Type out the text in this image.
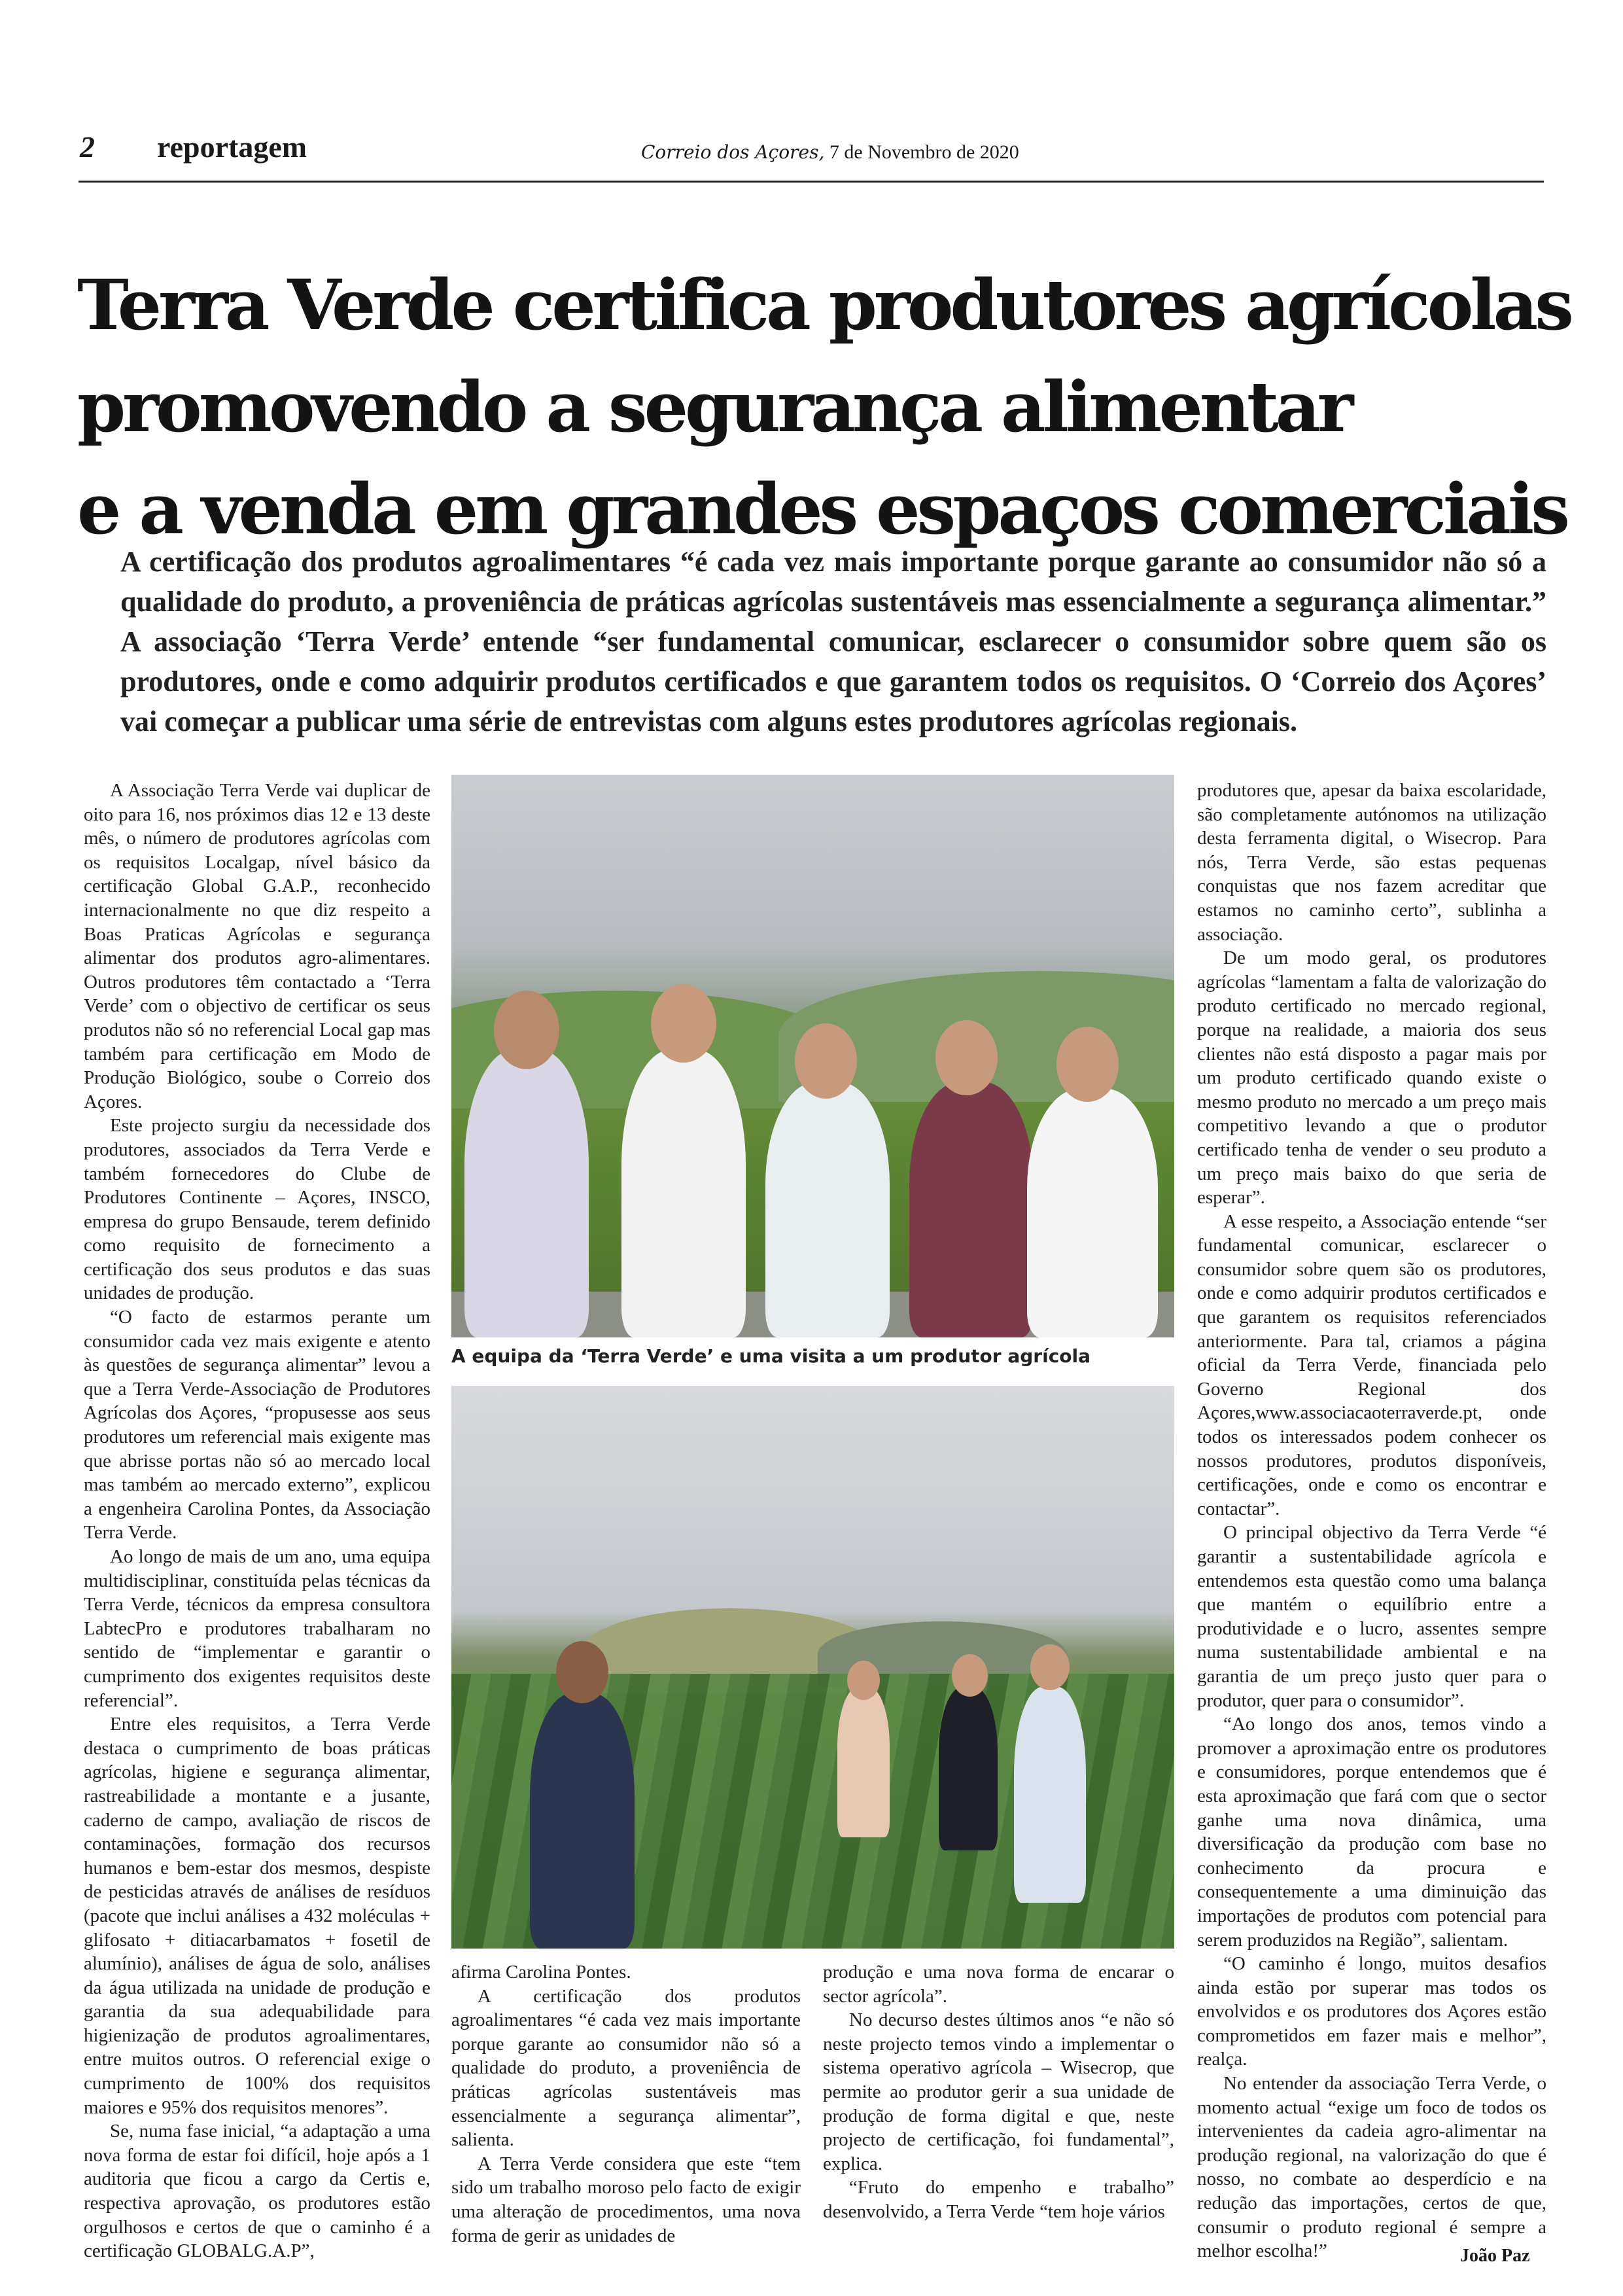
2 reportagem	Correio dos Açores, 7 de Novembro de 2020
Terra Verde certifica produtores agrícolas
promovendo a segurança alimentar
e a venda em grandes espaços comerciais
A certificação dos produtos agroalimentares “é cada vez mais importante porque garante ao consumidor não só a qualidade do produto, a proveniência de práticas agrícolas sustentáveis mas essencialmente a segurança alimentar.” A associação ‘Terra Verde’ entende “ser fundamental comunicar, esclarecer o consumidor sobre quem são os produtores, onde e como adquirir produtos certificados e que garantem todos os requisitos. O ‘Correio dos Açores’ vai começar a publicar uma série de entrevistas com alguns estes produtores agrícolas regionais.

A Associação Terra Verde vai duplicar de oito para 16, nos próximos dias 12 e 13 deste mês, o número de produtores agrícolas com os requisitos Localgap, nível básico da certificação Global G.A.P., reconhecido internacionalmente no que diz respeito a Boas Praticas Agrícolas e segurança alimentar dos produtos agro-alimentares. Outros produtores têm contactado a ‘Terra Verde’ com o objectivo de certificar os seus produtos não só no referencial Local gap mas também para certificação em Modo de Produção Biológico, soube o Correio dos Açores.

Este projecto surgiu da necessidade dos produtores, associados da Terra Verde e também fornecedores do Clube de Produtores Continente – Açores, INSCO, empresa do grupo Bensaude, terem definido como requisito de fornecimento a certificação dos seus produtos e das suas unidades de produção.

“O facto de estarmos perante um consumidor cada vez mais exigente e atento às questões de segurança alimentar” levou a que a Terra Verde-Associação de Produtores Agrícolas dos Açores, “propusesse aos seus produtores um referencial mais exigente mas que abrisse portas não só ao mercado local mas também ao mercado externo”, explicou a engenheira Carolina Pontes, da Associação Terra Verde.

Ao longo de mais de um ano, uma equipa multidisciplinar, constituída pelas técnicas da Terra Verde, técnicos da empresa consultora LabtecPro e produtores trabalharam no sentido de “implementar e garantir o cumprimento dos exigentes requisitos deste referencial”.

Entre eles requisitos, a Terra Verde destaca o cumprimento de boas práticas agrícolas, higiene e segurança alimentar, rastreabilidade a montante e a jusante, caderno de campo, avaliação de riscos de contaminações, formação dos recursos humanos e bem-estar dos mesmos, despiste de pesticidas através de análises de resíduos (pacote que inclui análises a 432 moléculas + glifosato + ditiacarbamatos + fosetil de alumínio), análises de água de solo, análises da água utilizada na unidade de produção e garantia da sua adequabilidade para higienização de produtos agroalimentares, entre muitos outros. O referencial exige o cumprimento de 100% dos requisitos maiores e 95% dos requisitos menores”.

Se, numa fase inicial, “a adaptação a uma nova forma de estar foi difícil, hoje após a 1 auditoria que ficou a cargo da Certis e, respectiva aprovação, os produtores estão orgulhosos e certos de que o caminho é a certificação GLOBALG.A.P”,

A equipa da ‘Terra Verde’ e uma visita a um produtor agrícola

afirma Carolina Pontes.

A certificação dos produtos agroalimentares “é cada vez mais importante porque garante ao consumidor não só a qualidade do produto, a proveniência de práticas agrícolas sustentáveis mas essencialmente a segurança alimentar”, salienta.

A Terra Verde considera que este “tem sido um trabalho moroso pelo facto de exigir uma alteração de procedimentos, uma nova forma de gerir as unidades de

produção e uma nova forma de encarar o sector agrícola”.

No decurso destes últimos anos “e não só neste projecto temos vindo a implementar o sistema operativo agrícola – Wisecrop, que permite ao produtor gerir a sua unidade de produção de forma digital e que, neste projecto de certificação, foi fundamental”, explica.

“Fruto do empenho e trabalho” desenvolvido, a Terra Verde “tem hoje vários

produtores que, apesar da baixa escolaridade, são completamente autónomos na utilização desta ferramenta digital, o Wisecrop. Para nós, Terra Verde, são estas pequenas conquistas que nos fazem acreditar que estamos no caminho certo”, sublinha a associação.

De um modo geral, os produtores agrícolas “lamentam a falta de valorização do produto certificado no mercado regional, porque na realidade, a maioria dos seus clientes não está disposto a pagar mais por um produto certificado quando existe o mesmo produto no mercado a um preço mais competitivo levando a que o produtor certificado tenha de vender o seu produto a um preço mais baixo do que seria de esperar”.

A esse respeito, a Associação entende “ser fundamental comunicar, esclarecer o consumidor sobre quem são os produtores, onde e como adquirir produtos certificados e que garantem os requisitos referenciados anteriormente. Para tal, criamos a página oficial da Terra Verde, financiada pelo Governo Regional dos Açores,www.associacaoterraverde.pt, onde todos os interessados podem conhecer os nossos produtores, produtos disponíveis, certificações, onde e como os encontrar e contactar”.

O principal objectivo da Terra Verde “é garantir a sustentabilidade agrícola e entendemos esta questão como uma balança que mantém o equilíbrio entre a produtividade e o lucro, assentes sempre numa sustentabilidade ambiental e na garantia de um preço justo quer para o produtor, quer para o consumidor”.

“Ao longo dos anos, temos vindo a promover a aproximação entre os produtores e consumidores, porque entendemos que é esta aproximação que fará com que o sector ganhe uma nova dinâmica, uma diversificação da produção com base no conhecimento da procura e consequentemente a uma diminuição das importações de produtos com potencial para serem produzidos na Região”, salientam.

“O caminho é longo, muitos desafios ainda estão por superar mas todos os envolvidos e os produtores dos Açores estão comprometidos em fazer mais e melhor”, realça.

No entender da associação Terra Verde, o momento actual “exige um foco de todos os intervenientes da cadeia agro-alimentar na produção regional, na valorização do que é nosso, no combate ao desperdício e na redução das importações, certos de que, consumir o produto regional é sempre a melhor escolha!”	João Paz
